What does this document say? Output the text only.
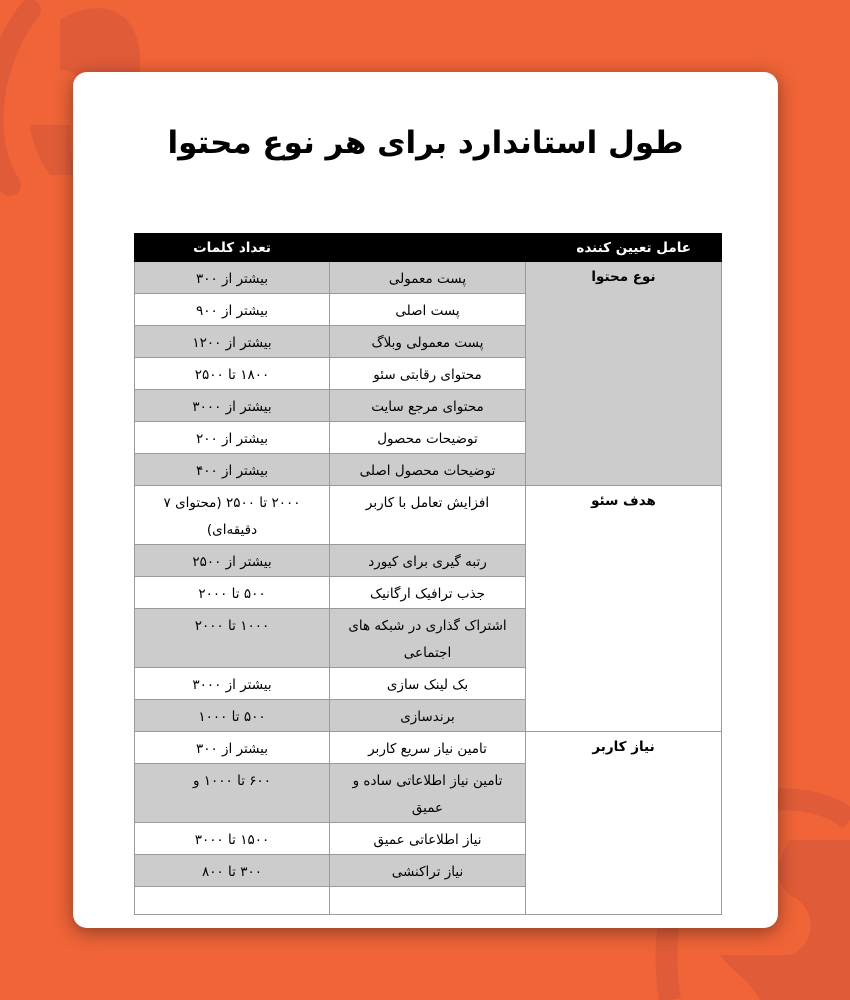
طول استاندارد برای هر نوع محتوا
عامل تعیین کننده		تعداد کلمات
نوع محتوا	پست معمولی	بیشتر از ۳۰۰
	پست اصلی	بیشتر از ۹۰۰
	پست معمولی وبلاگ	بیشتر از ۱۲۰۰
	محتوای رقابتی سئو	۱۸۰۰ تا ۲۵۰۰
	محتوای مرجع سایت	بیشتر از ۳۰۰۰
	توضیحات محصول	بیشتر از ۲۰۰
	توضیحات محصول اصلی	بیشتر از ۴۰۰
هدف سئو	افزایش تعامل با کاربر	۲۰۰۰ تا ۲۵۰۰ (محتوای ۷ دقیقه‌ای)
	رتبه گیری برای کیورد	بیشتر از ۲۵۰۰
	جذب ترافیک ارگانیک	۵۰۰ تا ۲۰۰۰
	اشتراک گذاری در شبکه های اجتماعی	۱۰۰۰ تا ۲۰۰۰
	بک لینک سازی	بیشتر از ۳۰۰۰
	برندسازی	۵۰۰ تا ۱۰۰۰
نیاز کاربر	تامین نیاز سریع کاربر	بیشتر از ۳۰۰
	تامین نیاز اطلاعاتی ساده و عمیق	۶۰۰ تا ۱۰۰۰ و
	نیاز اطلاعاتی عمیق	۱۵۰۰ تا ۳۰۰۰
	نیاز تراکنشی	۳۰۰ تا ۸۰۰
